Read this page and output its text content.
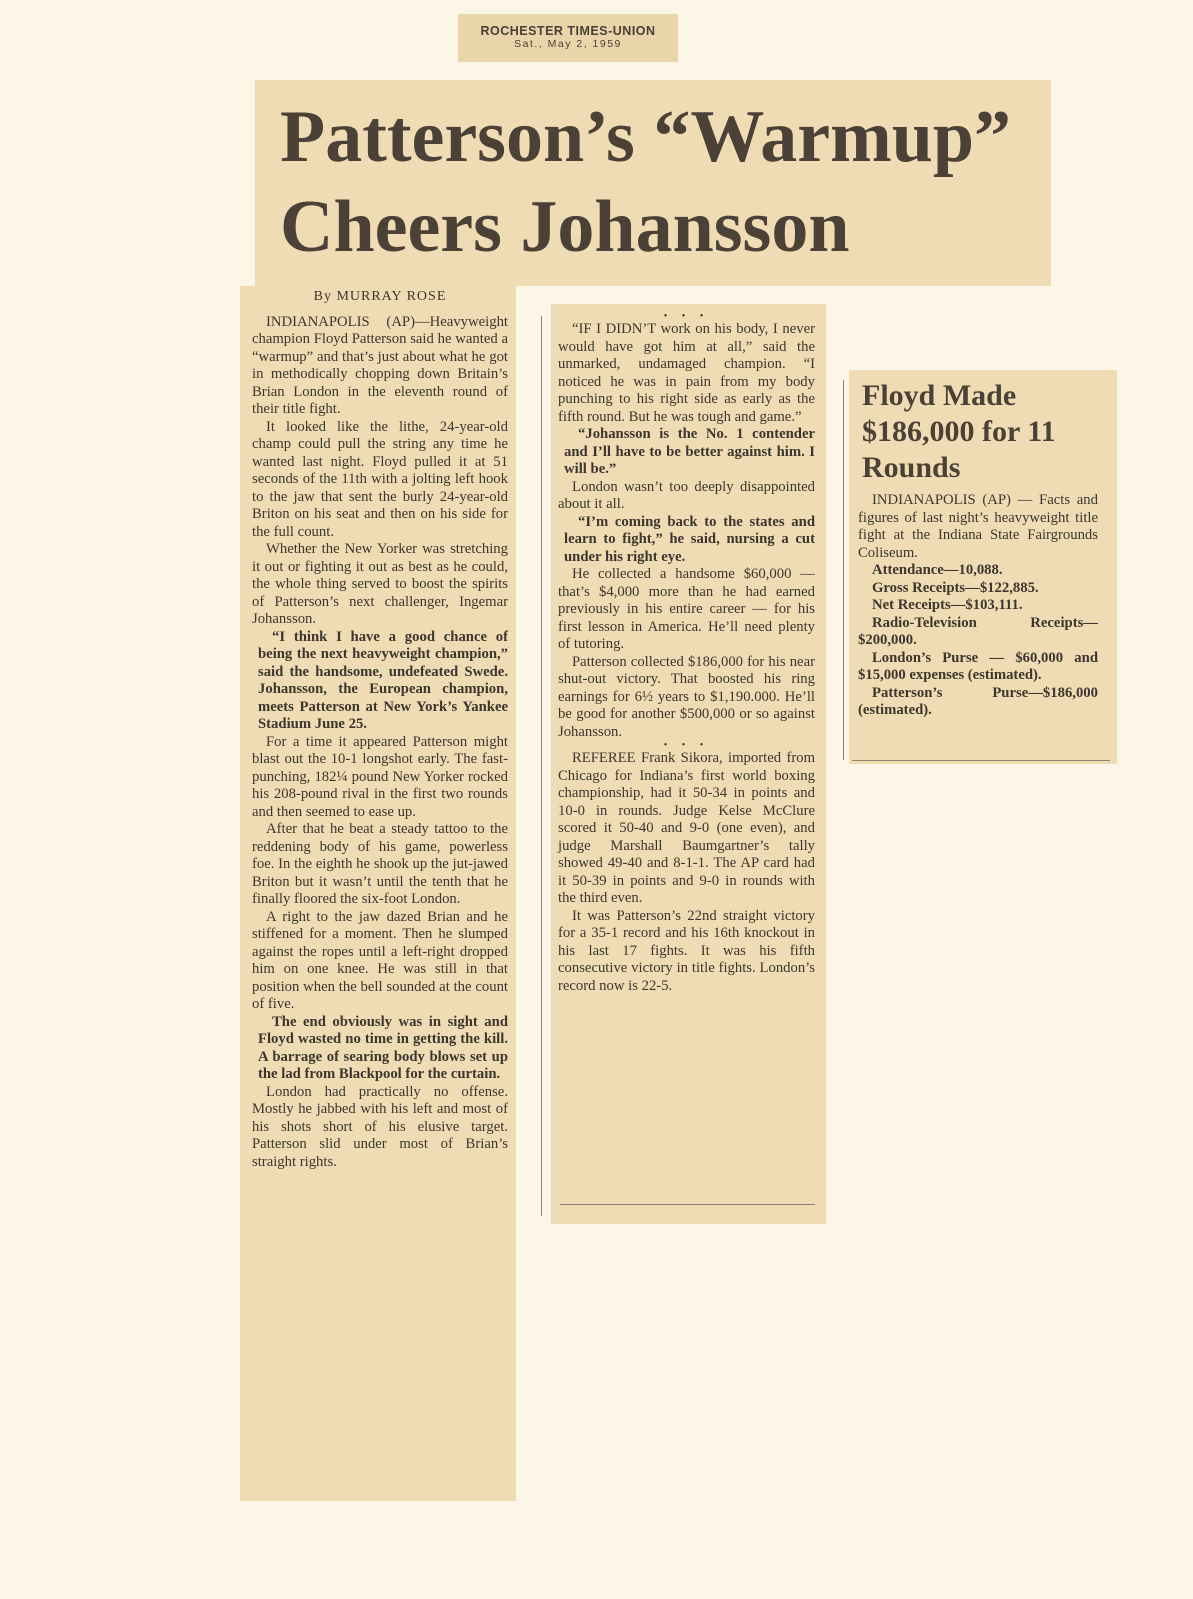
ROCHESTER TIMES-UNION
Sat., May 2, 1959
Patterson’s “Warmup”
Cheers Johansson

By MURRAY ROSE

INDIANAPOLIS (AP)—Heavyweight champion Floyd Patterson said he wanted a “warmup” and that’s just about what he got in methodically chopping down Britain’s Brian London in the eleventh round of their title fight.

It looked like the lithe, 24-year-old champ could pull the string any time he wanted last night. Floyd pulled it at 51 seconds of the 11th with a jolting left hook to the jaw that sent the burly 24-year-old Briton on his seat and then on his side for the full count.

Whether the New Yorker was stretching it out or fighting it out as best as he could, the whole thing served to boost the spirits of Patterson’s next challenger, Ingemar Johansson.

“I think I have a good chance of being the next heavyweight champion,” said the handsome, undefeated Swede. Johansson, the European champion, meets Patterson at New York’s Yankee Stadium June 25.

For a time it appeared Patterson might blast out the 10-1 longshot early. The fast-punching, 182¼ pound New Yorker rocked his 208-pound rival in the first two rounds and then seemed to ease up.

After that he beat a steady tattoo to the reddening body of his game, powerless foe. In the eighth he shook up the jut-jawed Briton but it wasn’t until the tenth that he finally floored the six-foot London.

A right to the jaw dazed Brian and he stiffened for a moment. Then he slumped against the ropes until a left-right dropped him on one knee. He was still in that position when the bell sounded at the count of five.

The end obviously was in sight and Floyd wasted no time in getting the kill. A barrage of searing body blows set up the lad from Blackpool for the curtain.

London had practically no offense. Mostly he jabbed with his left and most of his shots short of his elusive target. Patterson slid under most of Brian’s straight rights.

• • •

“IF I DIDN’T work on his body, I never would have got him at all,” said the unmarked, undamaged champion. “I noticed he was in pain from my body punching to his right side as early as the fifth round. But he was tough and game.”

“Johansson is the No. 1 contender and I’ll have to be better against him. I will be.”

London wasn’t too deeply disappointed about it all.

“I’m coming back to the states and learn to fight,” he said, nursing a cut under his right eye.

He collected a handsome $60,000 — that’s $4,000 more than he had earned previously in his entire career — for his first lesson in America. He’ll need plenty of tutoring.

Patterson collected $186,000 for his near shut-out victory. That boosted his ring earnings for 6½ years to $1,190.000. He’ll be good for another $500,000 or so against Johansson.

• • •

REFEREE Frank Sikora, imported from Chicago for Indiana’s first world boxing championship, had it 50-34 in points and 10-0 in rounds. Judge Kelse McClure scored it 50-40 and 9-0 (one even), and judge Marshall Baumgartner’s tally showed 49-40 and 8-1-1. The AP card had it 50-39 in points and 9-0 in rounds with the third even.

It was Patterson’s 22nd straight victory for a 35-1 record and his 16th knockout in his last 17 fights. It was his fifth consecutive victory in title fights. London’s record now is 22-5.

Floyd Made $186,000 for 11 Rounds

INDIANAPOLIS (AP) — Facts and figures of last night’s heavyweight title fight at the Indiana State Fairgrounds Coliseum.

Attendance—10,088.

Gross Receipts—$122,885.

Net Receipts—$103,111.

Radio-Television Receipts—$200,000.

London’s Purse — $60,000 and $15,000 expenses (estimated).

Patterson’s Purse—$186,000 (estimated).
